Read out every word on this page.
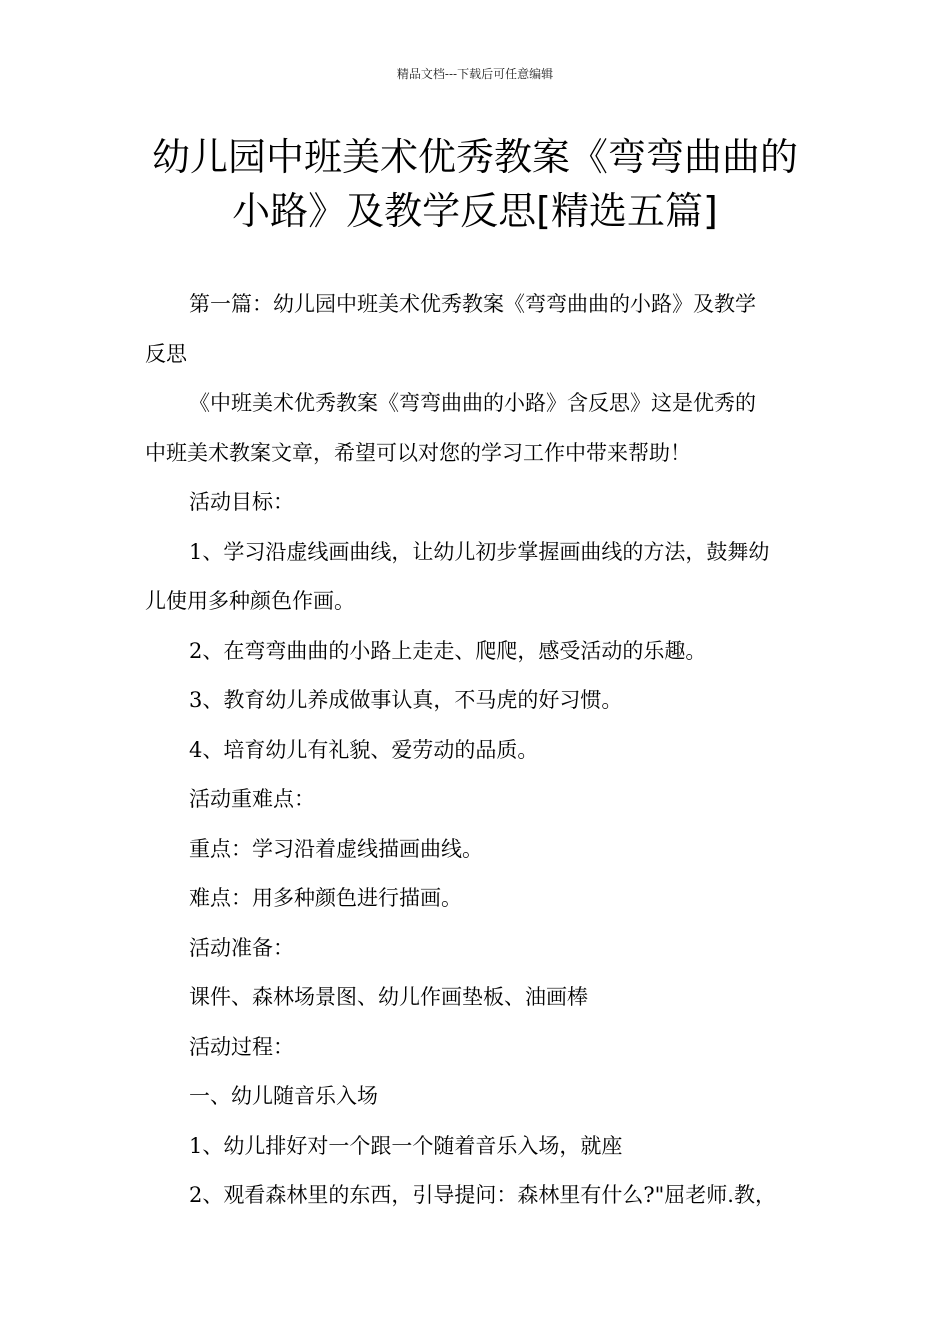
精品文档---下载后可任意编辑
幼儿园中班美术优秀教案《弯弯曲曲的
小路》及教学反思[精选五篇]

第一篇：幼儿园中班美术优秀教案《弯弯曲曲的小路》及教学

反思

《中班美术优秀教案《弯弯曲曲的小路》含反思》这是优秀的

中班美术教案文章，希望可以对您的学习工作中带来帮助！

活动目标：

1、学习沿虚线画曲线，让幼儿初步掌握画曲线的方法，鼓舞幼

儿使用多种颜色作画。

2、在弯弯曲曲的小路上走走、爬爬，感受活动的乐趣。

3、教育幼儿养成做事认真，不马虎的好习惯。

4、培育幼儿有礼貌、爱劳动的品质。

活动重难点：

重点：学习沿着虚线描画曲线。

难点：用多种颜色进行描画。

活动准备：

课件、森林场景图、幼儿作画垫板、油画棒

活动过程：

一、幼儿随音乐入场

1、幼儿排好对一个跟一个随着音乐入场，就座

2、观看森林里的东西，引导提问：森林里有什么?"屈老师.教，
